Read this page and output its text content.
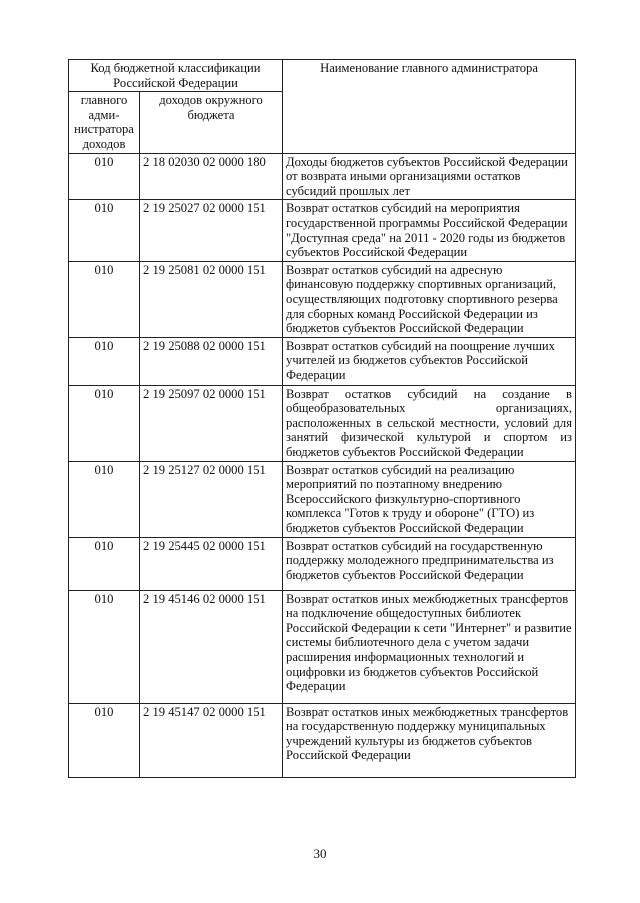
Код бюджетной классификации Российской Федерации		Наименование главного администратора
главного адми-нистратора доходов	доходов окружного бюджета	
010	2 18 02030 02 0000 180	Доходы бюджетов субъектов Российской Федерации от возврата иными организациями остатков субсидий прошлых лет
010	2 19 25027 02 0000 151	Возврат остатков субсидий на мероприятия государственной программы Российской Федерации "Доступная среда" на 2011 - 2020 годы из бюджетов субъектов Российской Федерации
010	2 19 25081 02 0000 151	Возврат остатков субсидий на адресную финансовую поддержку спортивных организаций, осуществляющих подготовку спортивного резерва для сборных команд Российской Федерации из бюджетов субъектов Российской Федерации
010	2 19 25088 02 0000 151	Возврат остатков субсидий на поощрение лучших учителей из бюджетов субъектов Российской Федерации
010	2 19 25097 02 0000 151	Возврат остатков субсидий на создание в общеобразовательных организациях, расположенных в сельской местности, условий для занятий физической культурой и спортом из бюджетов субъектов Российской Федерации
010	2 19 25127 02 0000 151	Возврат остатков субсидий на реализацию мероприятий по поэтапному внедрению Всероссийского физкультурно-спортивного комплекса "Готов к труду и обороне" (ГТО) из бюджетов субъектов Российской Федерации
010	2 19 25445 02 0000 151	Возврат остатков субсидий на государственную поддержку молодежного предпринимательства из бюджетов субъектов Российской Федерации
010	2 19 45146 02 0000 151	Возврат остатков иных межбюджетных трансфертов на подключение общедоступных библиотек Российской Федерации к сети "Интернет" и развитие системы библиотечного дела с учетом задачи расширения информационных технологий и оцифровки из бюджетов субъектов Российской Федерации
010	2 19 45147 02 0000 151	Возврат остатков иных межбюджетных трансфертов на государственную поддержку муниципальных учреждений культуры из бюджетов субъектов Российской Федерации
30
